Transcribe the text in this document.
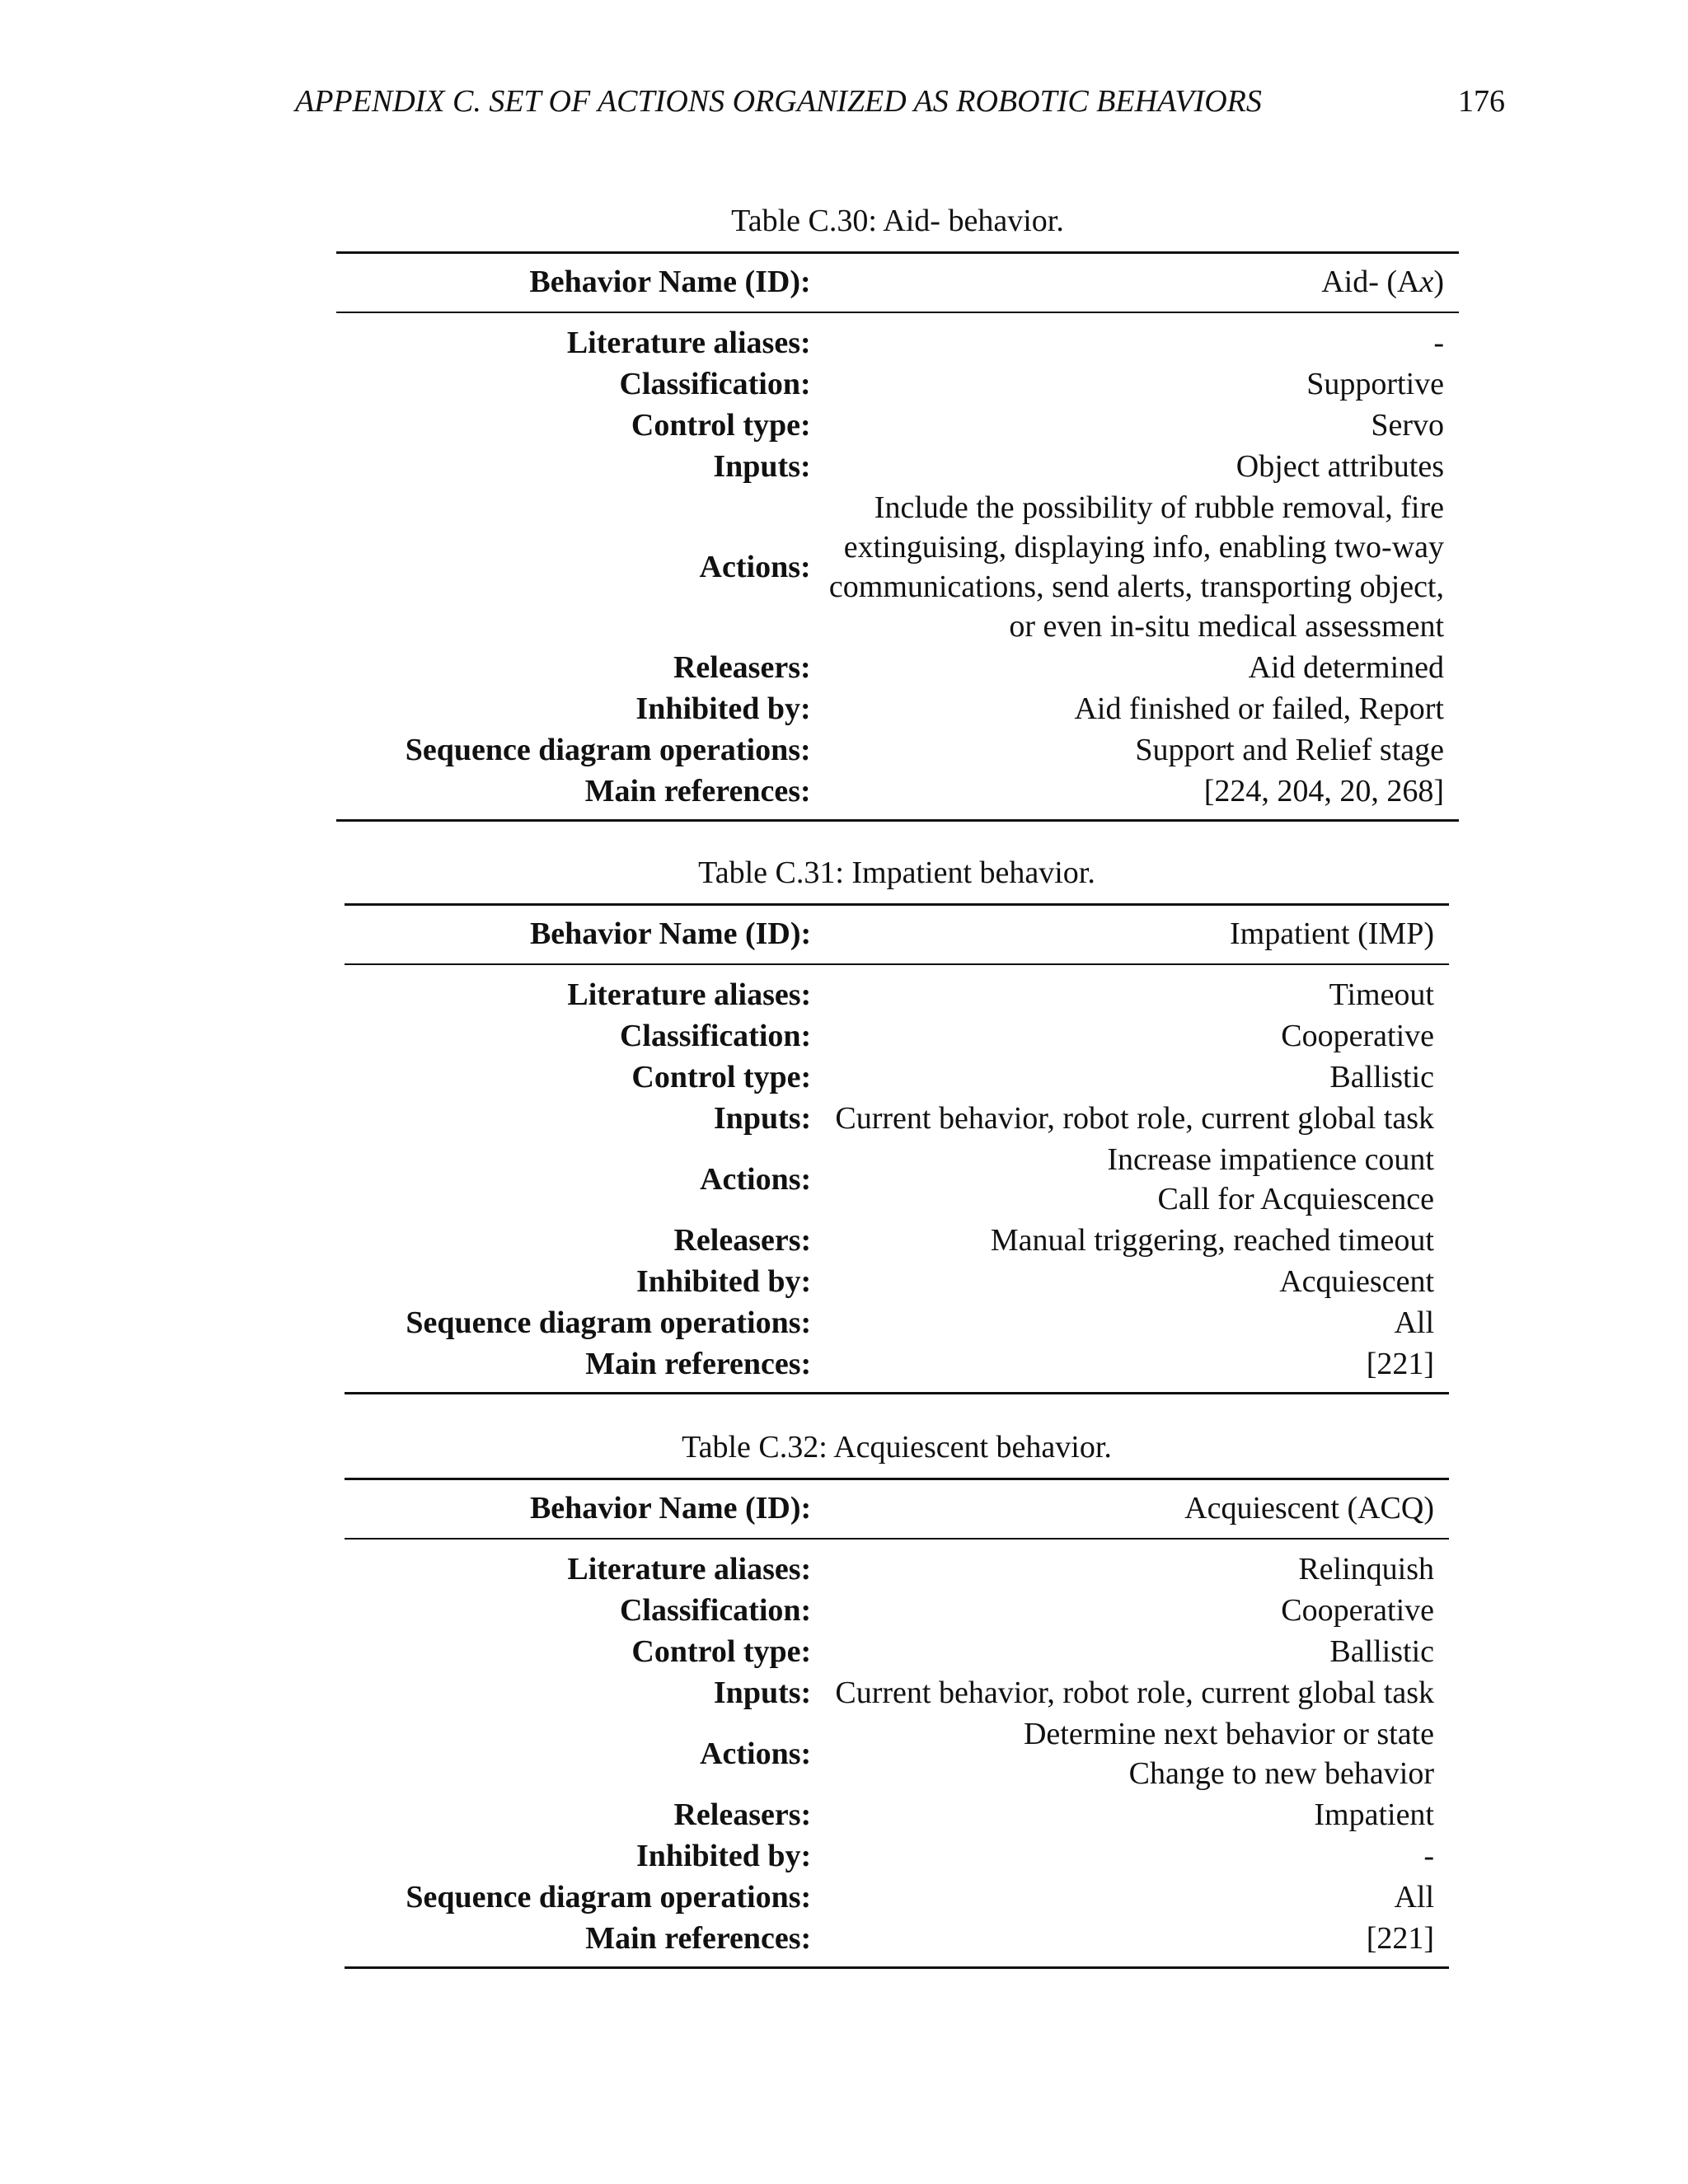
APPENDIX C. SET OF ACTIONS ORGANIZED AS ROBOTIC BEHAVIORS	176
Table C.30: Aid- behavior.
Behavior Name (ID):	Aid- (Ax)
Literature aliases:	-

Classification:	Supportive

Control type:	Servo

Inputs:	Object attributes

Actions:	Include the possibility of rubble removal, fire
extinguising, displaying info, enabling two-way
communications, send alerts, transporting object,
or even in-situ medical assessment

Releasers:	Aid determined

Inhibited by:	Aid finished or failed, Report

Sequence diagram operations:	Support and Relief stage

Main references:	[224, 204, 20, 268]
Table C.31: Impatient behavior.
Behavior Name (ID):	Impatient (IMP)
Literature aliases:	Timeout

Classification:	Cooperative

Control type:	Ballistic

Inputs:	Current behavior, robot role, current global task

Actions:	Increase impatience count
Call for Acquiescence

Releasers:	Manual triggering, reached timeout

Inhibited by:	Acquiescent

Sequence diagram operations:	All

Main references:	[221]
Table C.32: Acquiescent behavior.
Behavior Name (ID):	Acquiescent (ACQ)
Literature aliases:	Relinquish

Classification:	Cooperative

Control type:	Ballistic

Inputs:	Current behavior, robot role, current global task

Actions:	Determine next behavior or state
Change to new behavior

Releasers:	Impatient

Inhibited by:	-

Sequence diagram operations:	All

Main references:	[221]
